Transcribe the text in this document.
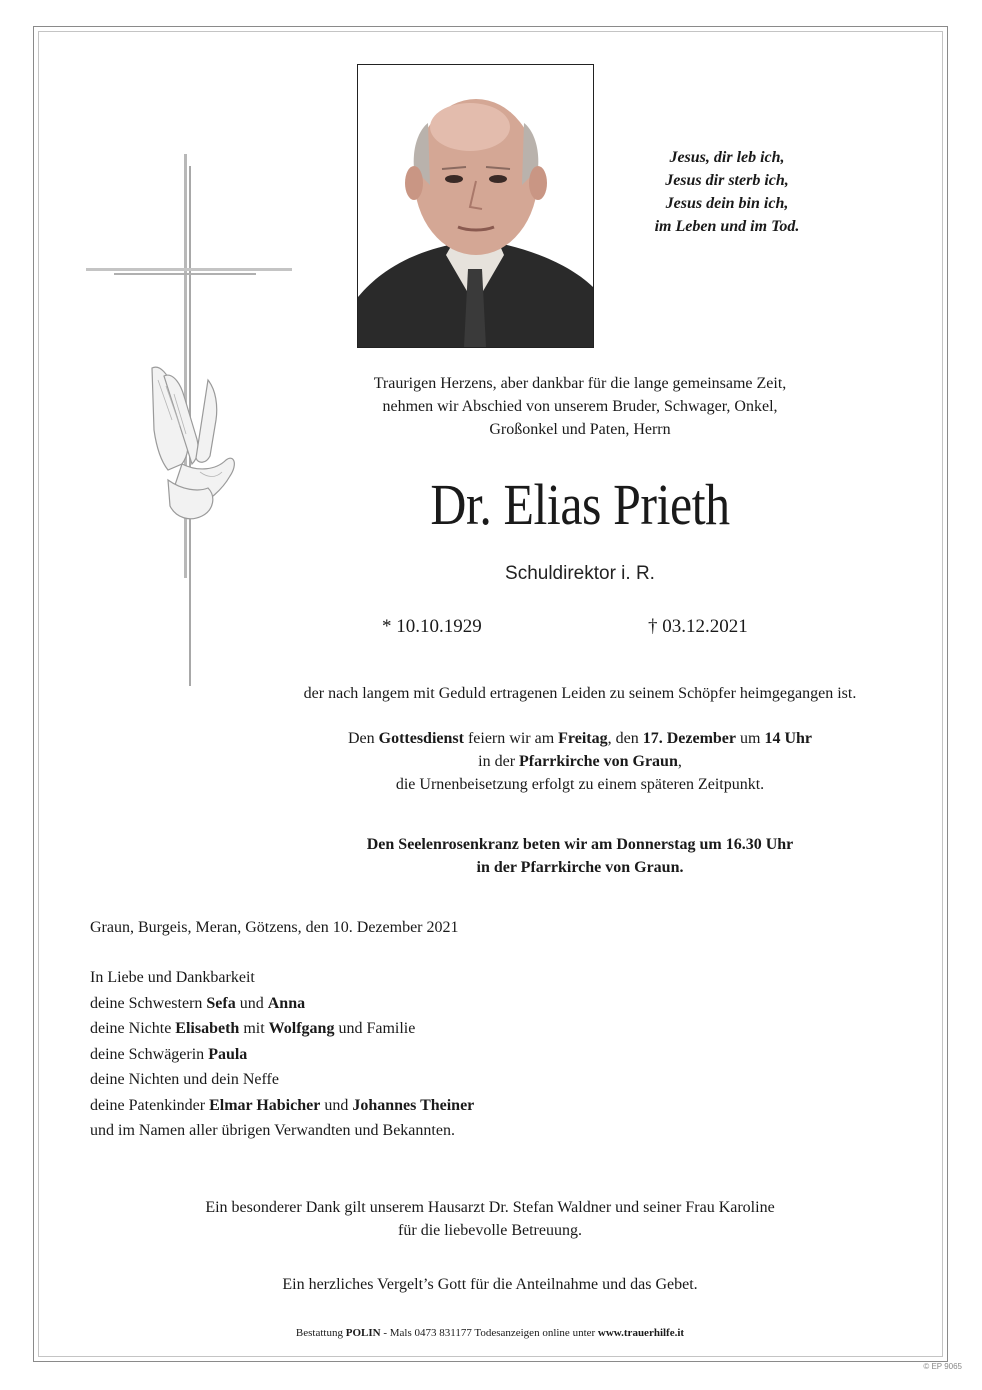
Jesus, dir leb ich,
Jesus dir sterb ich,
Jesus dein bin ich,
im Leben und im Tod.
Traurigen Herzens, aber dankbar für die lange gemeinsame Zeit,
nehmen wir Abschied von unserem Bruder, Schwager, Onkel,
Großonkel und Paten, Herrn
Dr. Elias Prieth
Schuldirektor i. R.
* 10.10.1929	† 03.12.2021
der nach langem mit Geduld ertragenen Leiden zu seinem Schöpfer heimgegangen ist.
Den Gottesdienst feiern wir am Freitag, den 17. Dezember um 14 Uhr
in der Pfarrkirche von Graun,
die Urnenbeisetzung erfolgt zu einem späteren Zeitpunkt.
Den Seelenrosenkranz beten wir am Donnerstag um 16.30 Uhr
in der Pfarrkirche von Graun.
Graun, Burgeis, Meran, Götzens, den 10. Dezember 2021
In Liebe und Dankbarkeit
deine Schwestern Sefa und Anna
deine Nichte Elisabeth mit Wolfgang und Familie
deine Schwägerin Paula
deine Nichten und dein Neffe
deine Patenkinder Elmar Habicher und Johannes Theiner
und im Namen aller übrigen Verwandten und Bekannten.
Ein besonderer Dank gilt unserem Hausarzt Dr. Stefan Waldner und seiner Frau Karoline
für die liebevolle Betreuung.
Ein herzliches Vergelt’s Gott für die Anteilnahme und das Gebet.
Bestattung POLIN - Mals 0473 831177 Todesanzeigen online unter www.trauerhilfe.it
© EP 9065
